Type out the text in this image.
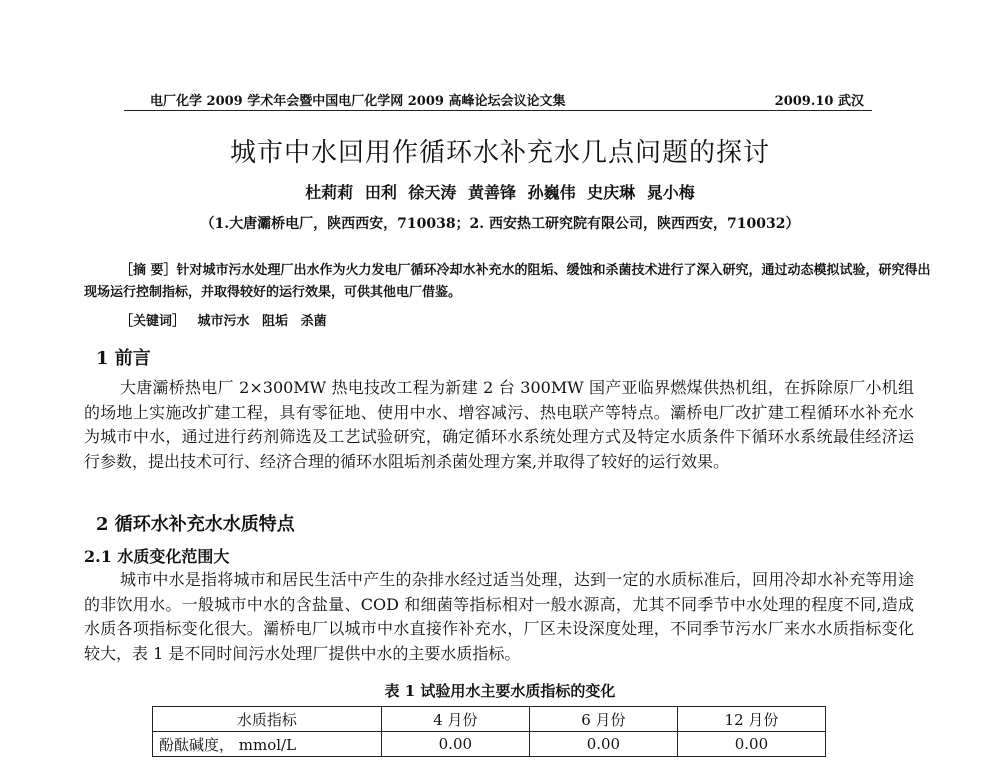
电厂化学 2009 学术年会暨中国电厂化学网 2009 高峰论坛会议论文集	2009.10 武汉
城市中水回用作循环水补充水几点问题的探讨
杜莉莉 田利 徐天涛 黄善锋 孙巍伟 史庆琳 晁小梅
（1.大唐灞桥电厂，陕西西安，710038；2. 西安热工研究院有限公司，陕西西安，710032）
［摘 要］针对城市污水处理厂出水作为火力发电厂循环冷却水补充水的阻垢、缓蚀和杀菌技术进行了深入研究，通过动态模拟试验，研究得出现场运行控制指标，并取得较好的运行效果，可供其他电厂借鉴。
［关键词］ 城市污水 阻垢 杀菌
1 前言
大唐灞桥热电厂 2×300MW 热电技改工程为新建 2 台 300MW 国产亚临界燃煤供热机组，在拆除原厂小机组的场地上实施改扩建工程，具有零征地、使用中水、增容减污、热电联产等特点。灞桥电厂改扩建工程循环水补充水为城市中水，通过进行药剂筛选及工艺试验研究，确定循环水系统处理方式及特定水质条件下循环水系统最佳经济运行参数，提出技术可行、经济合理的循环水阻垢剂杀菌处理方案,并取得了较好的运行效果。
2 循环水补充水水质特点
2.1 水质变化范围大
城市中水是指将城市和居民生活中产生的杂排水经过适当处理，达到一定的水质标准后，回用冷却水补充等用途的非饮用水。一般城市中水的含盐量、COD 和细菌等指标相对一般水源高，尤其不同季节中水处理的程度不同,造成水质各项指标变化很大。灞桥电厂以城市中水直接作补充水，厂区未设深度处理，不同季节污水厂来水水质指标变化较大，表 1 是不同时间污水处理厂提供中水的主要水质指标。
表 1 试验用水主要水质指标的变化
水质指标	4 月份	6 月份	12 月份
酚酞碱度， mmol/L	0.00	0.00	0.00
